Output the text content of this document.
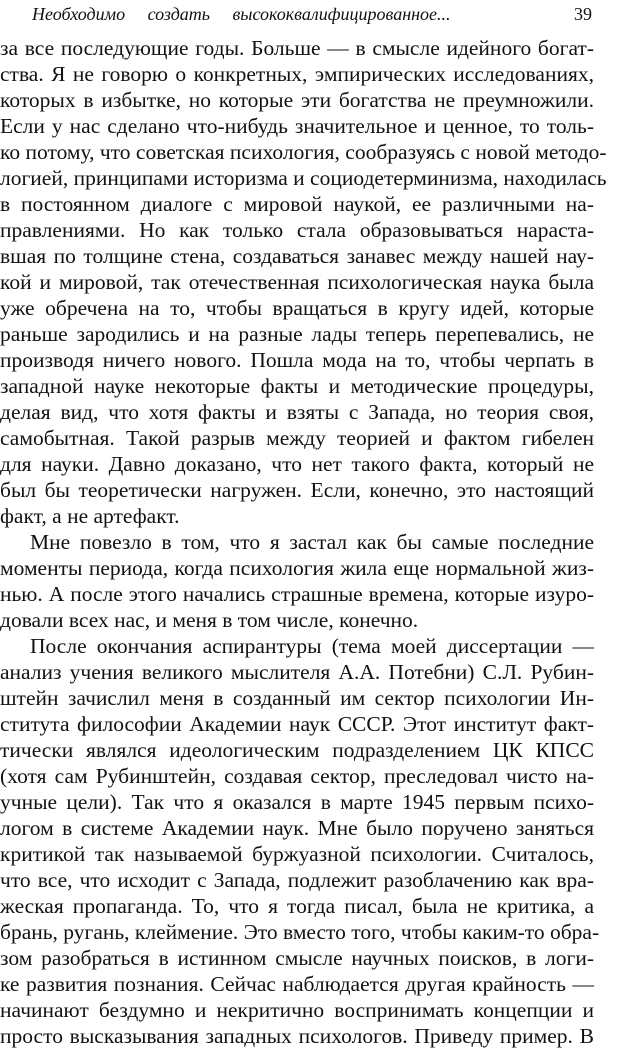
Необходимо создать высококвалифицированное...	39
за все последующие годы. Больше — в смысле идейного богат-
ства. Я не говорю о конкретных, эмпирических исследованиях,
которых в избытке, но которые эти богатства не преумножили.
Если у нас сделано что-нибудь значительное и ценное, то толь-
ко потому, что советская психология, сообразуясь с новой методо-
логией, принципами историзма и социодетерминизма, находилась
в постоянном диалоге с мировой наукой, ее различными на-
правлениями. Но как только стала образовываться нараста-
вшая по толщине стена, создаваться занавес между нашей нау-
кой и мировой, так отечественная психологическая наука была
уже обречена на то, чтобы вращаться в кругу идей, которые
раньше зародились и на разные лады теперь перепевались, не
производя ничего нового. Пошла мода на то, чтобы черпать в
западной науке некоторые факты и методические процедуры,
делая вид, что хотя факты и взяты с Запада, но теория своя,
самобытная. Такой разрыв между теорией и фактом гибелен
для науки. Давно доказано, что нет такого факта, который не
был бы теоретически нагружен. Если, конечно, это настоящий
факт, а не артефакт.
Мне повезло в том, что я застал как бы самые последние
моменты периода, когда психология жила еще нормальной жиз-
нью. А после этого начались страшные времена, которые изуро-
довали всех нас, и меня в том числе, конечно.
После окончания аспирантуры (тема моей диссертации —
анализ учения великого мыслителя А.А. Потебни) С.Л. Рубин-
штейн зачислил меня в созданный им сектор психологии Ин-
ститута философии Академии наук СССР. Этот институт факт-
тически являлся идеологическим подразделением ЦК КПСС
(хотя сам Рубинштейн, создавая сектор, преследовал чисто на-
учные цели). Так что я оказался в марте 1945 первым психо-
логом в системе Академии наук. Мне было поручено заняться
критикой так называемой буржуазной психологии. Считалось,
что все, что исходит с Запада, подлежит разоблачению как вра-
жеская пропаганда. То, что я тогда писал, была не критика, а
брань, ругань, клеймение. Это вместо того, чтобы каким-то обра-
зом разобраться в истинном смысле научных поисков, в логи-
ке развития познания. Сейчас наблюдается другая крайность —
начинают бездумно и некритично воспринимать концепции и
просто высказывания западных психологов. Приведу пример. В
